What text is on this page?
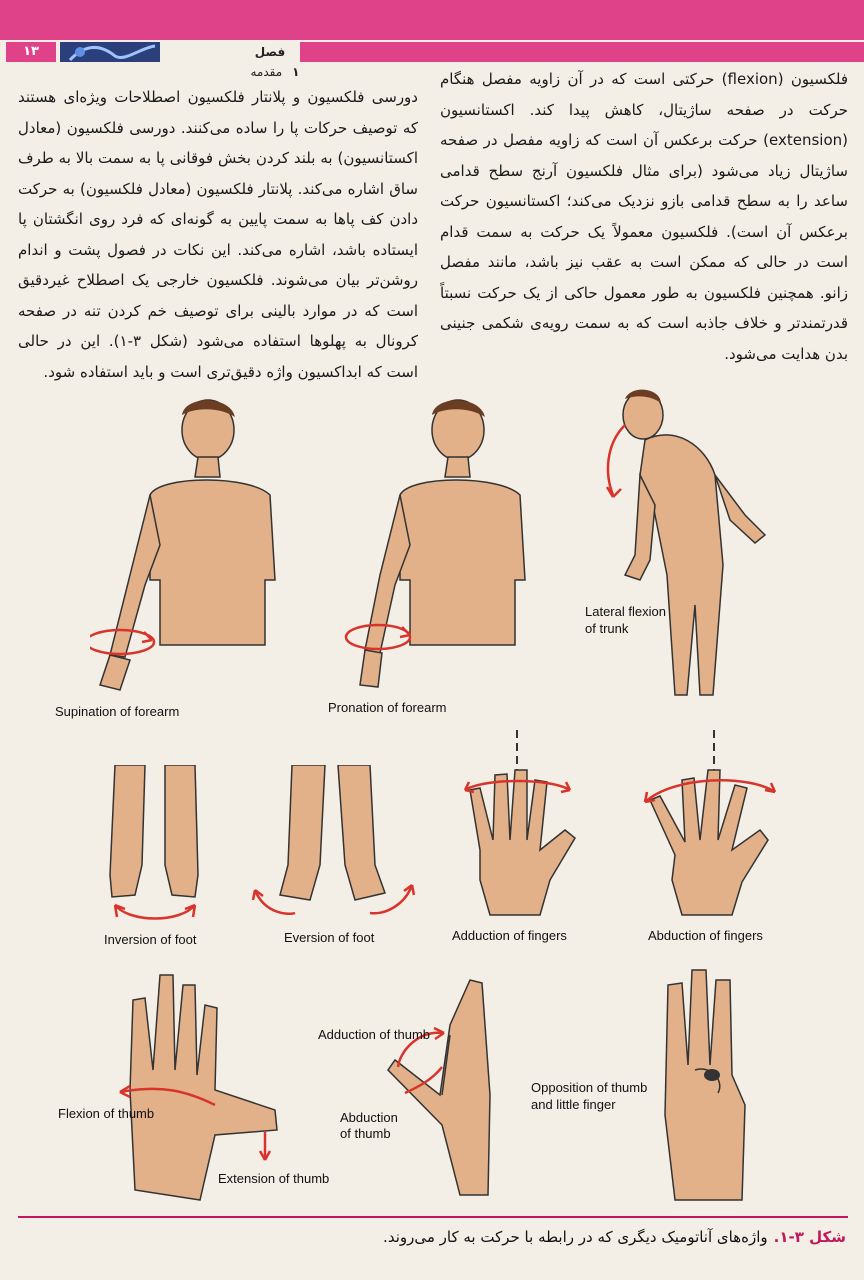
۱۳	فصل ۱مقدمه	فلکسیون (flexion) حرکتی است که در آن زاویه مفصل هنگام حرکت در صفحه ساژیتال، کاهش پیدا کند. اکستانسیون (extension) حرکت برعکس آن است که زاویه مفصل در صفحه ساژیتال زیاد می‌شود (برای مثال فلکسیون آرنج سطح قدامی ساعد را به سطح قدامی بازو نزدیک می‌کند؛ اکستانسیون حرکت برعکس آن است). فلکسیون معمولاً یک حرکت به سمت قدام است در حالی که ممکن است به عقب نیز باشد، مانند مفصل زانو. همچنین فلکسیون به طور معمول حاکی از یک حرکت نسبتاً قدرتمندتر و خلاف جاذبه است که به سمت رویه‌ی شکمی جنینی بدن هدایت می‌شود.
دورسی فلکسیون و پلانتار فلکسیون اصطلاحات ویژه‌ای هستند که توصیف حرکات پا را ساده می‌کنند. دورسی فلکسیون (معادل اکستانسیون) به بلند کردن بخش فوقانی پا به سمت بالا به طرف ساق اشاره می‌کند. پلانتار فلکسیون (معادل فلکسیون) به حرکت دادن کف پاها به سمت پایین به گونه‌ای که فرد روی انگشتان پا ایستاده باشد، اشاره می‌کند. این نکات در فصول پشت و اندام روشن‌تر بیان می‌شوند. فلکسیون خارجی یک اصطلاح غیردقیق است که در موارد بالینی برای توصیف خم کردن تنه در صفحه کرونال به پهلوها استفاده می‌شود (شکل ۳-۱). این در حالی است که ابداکسیون واژه دقیق‌تری است و باید استفاده شود.
Supination of forearm	Pronation of forearm
Lateral flexion
of trunk
Inversion of foot	Eversion of foot	Adduction of fingers	Abduction of fingers
Flexion of thumb
Extension of thumb
Adduction of thumb
Abduction
of thumb
Opposition of thumb
and little finger
شکل ۳-۱.واژه‌های آناتومیک دیگری که در رابطه با حرکت به کار می‌روند.
